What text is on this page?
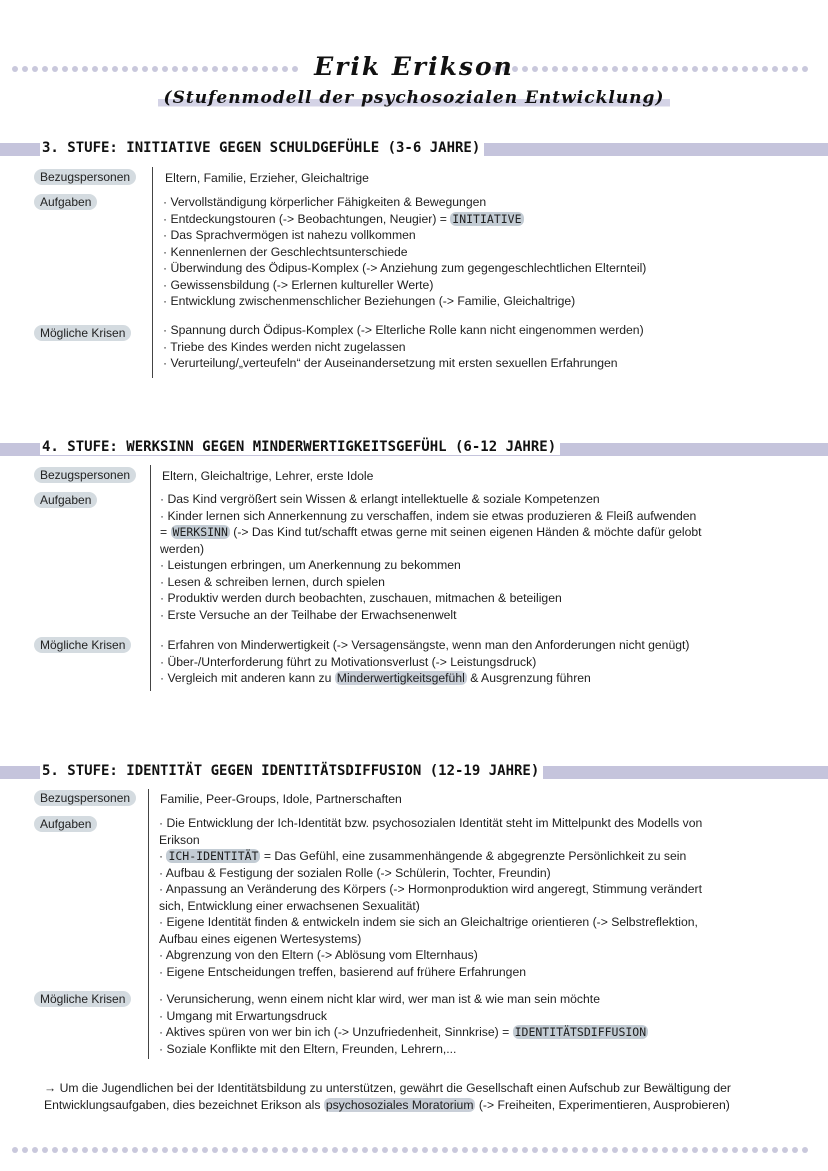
Erik Erikson
(Stufenmodell der psychosozialen Entwicklung)
3. STUFE: INITIATIVE GEGEN SCHULDGEFÜHLE (3-6 JAHRE)
Bezugspersonen	Eltern, Familie, Erzieher, Gleichaltrige
Aufgaben	· Vervollständigung körperlicher Fähigkeiten & Bewegungen
· Entdeckungstouren (-> Beobachtungen, Neugier) = INITIATIVE
· Das Sprachvermögen ist nahezu vollkommen
· Kennenlernen der Geschlechtsunterschiede
· Überwindung des Ödipus-Komplex (-> Anziehung zum gegengeschlechtlichen Elternteil)
· Gewissensbildung (-> Erlernen kultureller Werte)
· Entwicklung zwischenmenschlicher Beziehungen (-> Familie, Gleichaltrige)
Mögliche Krisen	· Spannung durch Ödipus-Komplex (-> Elterliche Rolle kann nicht eingenommen werden)
· Triebe des Kindes werden nicht zugelassen
· Verurteilung/„verteufeln“ der Auseinandersetzung mit ersten sexuellen Erfahrungen
4. STUFE: WERKSINN GEGEN MINDERWERTIGKEITSGEFÜHL (6-12 JAHRE)
Bezugspersonen	Eltern, Gleichaltrige, Lehrer, erste Idole
Aufgaben	· Das Kind vergrößert sein Wissen & erlangt intellektuelle & soziale Kompetenzen
· Kinder lernen sich Annerkennung zu verschaffen, indem sie etwas produzieren & Fleiß aufwenden
= WERKSINN (-> Das Kind tut/schafft etwas gerne mit seinen eigenen Händen & möchte dafür gelobt
werden)
· Leistungen erbringen, um Anerkennung zu bekommen
· Lesen & schreiben lernen, durch spielen
· Produktiv werden durch beobachten, zuschauen, mitmachen & beteiligen
· Erste Versuche an der Teilhabe der Erwachsenenwelt
Mögliche Krisen	· Erfahren von Minderwertigkeit (-> Versagensängste, wenn man den Anforderungen nicht genügt)
· Über-/Unterforderung führt zu Motivationsverlust (-> Leistungsdruck)
· Vergleich mit anderen kann zu Minderwertigkeitsgefühl & Ausgrenzung führen
5. STUFE: IDENTITÄT GEGEN IDENTITÄTSDIFFUSION (12-19 JAHRE)
Bezugspersonen	Familie, Peer-Groups, Idole, Partnerschaften
Aufgaben	· Die Entwicklung der Ich-Identität bzw. psychosozialen Identität steht im Mittelpunkt des Modells von
Erikson
· ICH-IDENTITÄT = Das Gefühl, eine zusammenhängende & abgegrenzte Persönlichkeit zu sein
· Aufbau & Festigung der sozialen Rolle (-> Schülerin, Tochter, Freundin)
· Anpassung an Veränderung des Körpers (-> Hormonproduktion wird angeregt, Stimmung verändert
sich, Entwicklung einer erwachsenen Sexualität)
· Eigene Identität finden & entwickeln indem sie sich an Gleichaltrige orientieren (-> Selbstreflektion,
Aufbau eines eigenen Wertesystems)
· Abgrenzung von den Eltern (-> Ablösung vom Elternhaus)
· Eigene Entscheidungen treffen, basierend auf frühere Erfahrungen
Mögliche Krisen	· Verunsicherung, wenn einem nicht klar wird, wer man ist & wie man sein möchte
· Umgang mit Erwartungsdruck
· Aktives spüren von wer bin ich (-> Unzufriedenheit, Sinnkrise) = IDENTITÄTSDIFFUSION
· Soziale Konflikte mit den Eltern, Freunden, Lehrern,...
→ Um die Jugendlichen bei der Identitätsbildung zu unterstützen, gewährt die Gesellschaft einen Aufschub zur Bewältigung der Entwicklungsaufgaben, dies bezeichnet Erikson als psychosoziales Moratorium (-> Freiheiten, Experimentieren, Ausprobieren)
